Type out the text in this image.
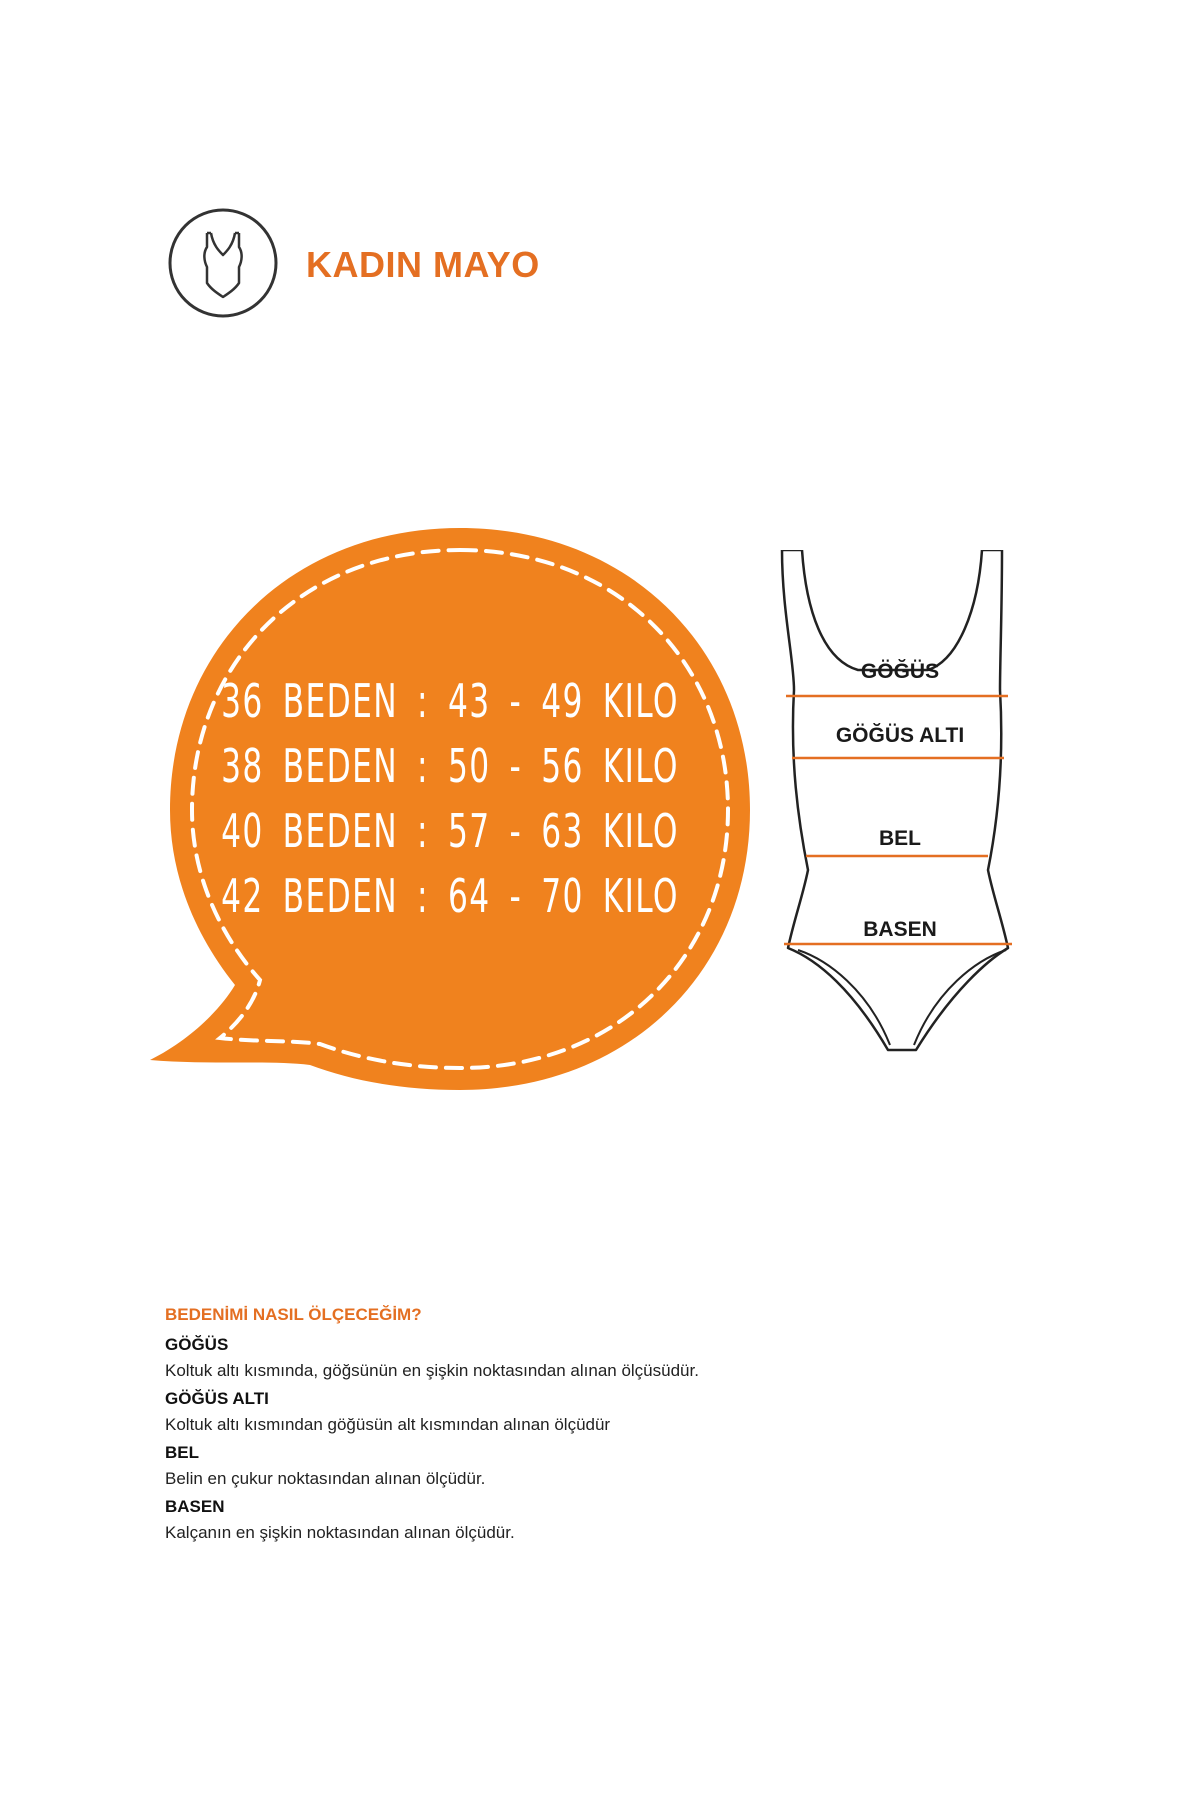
KADIN MAYO
36 BEDEN : 43 - 49 KILO
38 BEDEN : 50 - 56 KILO
40 BEDEN : 57 - 63 KILO
42 BEDEN : 64 - 70 KILO
GÖĞÜS
GÖĞÜS ALTI
BEL
BASEN
BEDENİMİ NASIL ÖLÇECEĞİM?
GÖĞÜS
Koltuk altı kısmında, göğsünün en şişkin noktasından alınan ölçüsüdür.
GÖĞÜS ALTI
Koltuk altı kısmından göğüsün alt kısmından alınan ölçüdür
BEL
Belin en çukur noktasından alınan ölçüdür.
BASEN
Kalçanın en şişkin noktasından alınan ölçüdür.
